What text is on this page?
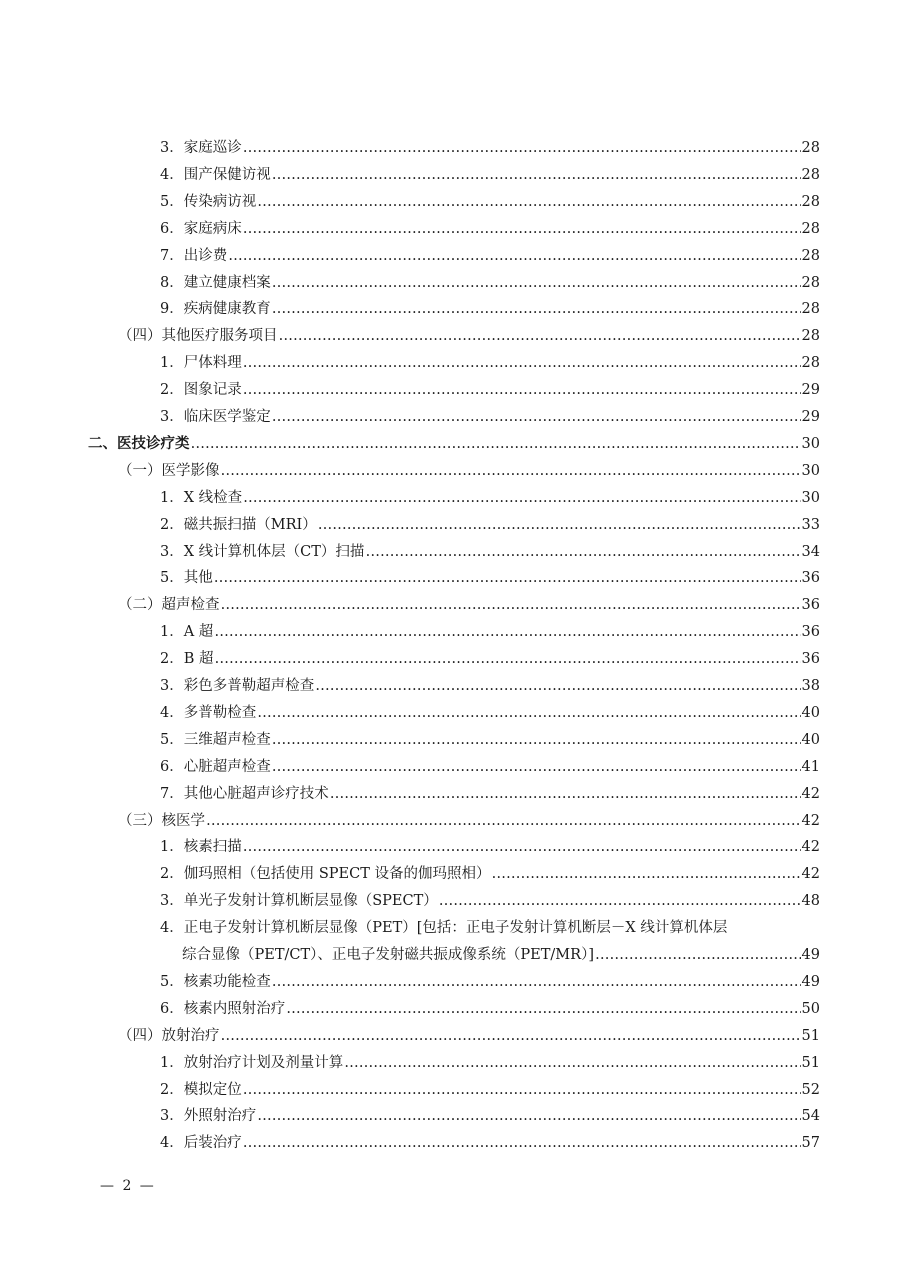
3．家庭巡诊 …………………………………………………………………………………………………………………………………………………………………………………………………………………	28
4．围产保健访视 …………………………………………………………………………………………………………………………………………………………………………………………………………………	28
5．传染病访视 …………………………………………………………………………………………………………………………………………………………………………………………………………………	28
6．家庭病床 …………………………………………………………………………………………………………………………………………………………………………………………………………………	28
7．出诊费 …………………………………………………………………………………………………………………………………………………………………………………………………………………	28
8．建立健康档案 …………………………………………………………………………………………………………………………………………………………………………………………………………………	28
9．疾病健康教育 …………………………………………………………………………………………………………………………………………………………………………………………………………………	28
（四）其他医疗服务项目 …………………………………………………………………………………………………………………………………………………………………………………………………………………	28
1．尸体料理 …………………………………………………………………………………………………………………………………………………………………………………………………………………	28
2．图象记录 …………………………………………………………………………………………………………………………………………………………………………………………………………………	29
3．临床医学鉴定 …………………………………………………………………………………………………………………………………………………………………………………………………………………	29
二、医技诊疗类 …………………………………………………………………………………………………………………………………………………………………………………………………………………	30
（一）医学影像 …………………………………………………………………………………………………………………………………………………………………………………………………………………	30
1．X 线检查 …………………………………………………………………………………………………………………………………………………………………………………………………………………	30
2．磁共振扫描（MRI） …………………………………………………………………………………………………………………………………………………………………………………………………………………	33
3．X 线计算机体层（CT）扫描 …………………………………………………………………………………………………………………………………………………………………………………………………………………	34
5．其他 …………………………………………………………………………………………………………………………………………………………………………………………………………………	36
（二）超声检查 …………………………………………………………………………………………………………………………………………………………………………………………………………………	36
1．A 超 …………………………………………………………………………………………………………………………………………………………………………………………………………………	36
2．B 超 …………………………………………………………………………………………………………………………………………………………………………………………………………………	36
3．彩色多普勒超声检查 …………………………………………………………………………………………………………………………………………………………………………………………………………………	38
4．多普勒检查 …………………………………………………………………………………………………………………………………………………………………………………………………………………	40
5．三维超声检查 …………………………………………………………………………………………………………………………………………………………………………………………………………………	40
6．心脏超声检查 …………………………………………………………………………………………………………………………………………………………………………………………………………………	41
7．其他心脏超声诊疗技术 …………………………………………………………………………………………………………………………………………………………………………………………………………………	42
（三）核医学 …………………………………………………………………………………………………………………………………………………………………………………………………………………	42
1．核素扫描 …………………………………………………………………………………………………………………………………………………………………………………………………………………	42
2．伽玛照相（包括使用 SPECT 设备的伽玛照相） …………………………………………………………………………………………………………………………………………………………………………………………………………………	42
3．单光子发射计算机断层显像（SPECT） …………………………………………………………………………………………………………………………………………………………………………………………………………………	48
4．正电子发射计算机断层显像（PET）[包括：正电子发射计算机断层－X 线计算机体层
综合显像（PET/CT）、正电子发射磁共振成像系统（PET/MR）] …………………………………………………………………………………………………………………………………………………………………………………………………………………	49
5．核素功能检查 …………………………………………………………………………………………………………………………………………………………………………………………………………………	49
6．核素内照射治疗 …………………………………………………………………………………………………………………………………………………………………………………………………………………	50
（四）放射治疗 …………………………………………………………………………………………………………………………………………………………………………………………………………………	51
1．放射治疗计划及剂量计算 …………………………………………………………………………………………………………………………………………………………………………………………………………………	51
2．模拟定位 …………………………………………………………………………………………………………………………………………………………………………………………………………………	52
3．外照射治疗 …………………………………………………………………………………………………………………………………………………………………………………………………………………	54
4．后装治疗 …………………………………………………………………………………………………………………………………………………………………………………………………………………	57
— 2 —
